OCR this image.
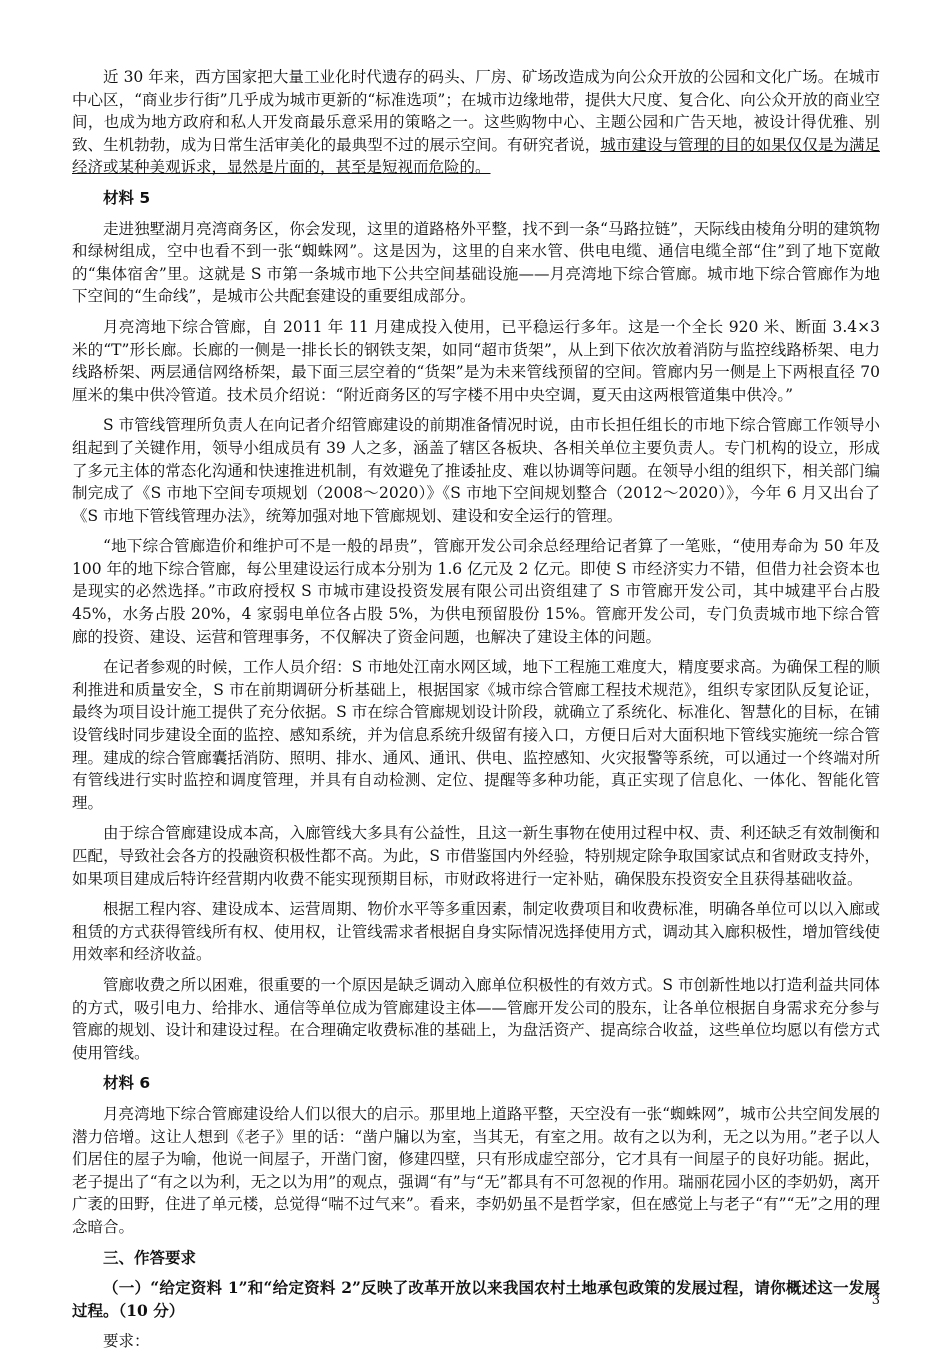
近 30 年来，西方国家把大量工业化时代遗存的码头、厂房、矿场改造成为向公众开放的公园和文化广场。在城市中心区，“商业步行街”几乎成为城市更新的“标准选项”；在城市边缘地带，提供大尺度、复合化、向公众开放的商业空间，也成为地方政府和私人开发商最乐意采用的策略之一。这些购物中心、主题公园和广告天地，被设计得优雅、别致、生机勃勃，成为日常生活审美化的最典型不过的展示空间。有研究者说，城市建设与管理的目的如果仅仅是为满足经济或某种美观诉求，显然是片面的，甚至是短视而危险的。

材料 5

走进独墅湖月亮湾商务区，你会发现，这里的道路格外平整，找不到一条“马路拉链”，天际线由棱角分明的建筑物和绿树组成，空中也看不到一张“蜘蛛网”。这是因为，这里的自来水管、供电电缆、通信电缆全部“住”到了地下宽敞的“集体宿舍”里。这就是 S 市第一条城市地下公共空间基础设施——月亮湾地下综合管廊。城市地下综合管廊作为地下空间的“生命线”，是城市公共配套建设的重要组成部分。

月亮湾地下综合管廊，自 2011 年 11 月建成投入使用，已平稳运行多年。这是一个全长 920 米、断面 3.4×3 米的“T”形长廊。长廊的一侧是一排长长的钢铁支架，如同“超市货架”，从上到下依次放着消防与监控线路桥架、电力线路桥架、两层通信网络桥架，最下面三层空着的“货架”是为未来管线预留的空间。管廊内另一侧是上下两根直径 70 厘米的集中供冷管道。技术员介绍说：“附近商务区的写字楼不用中央空调，夏天由这两根管道集中供冷。”

S 市管线管理所负责人在向记者介绍管廊建设的前期准备情况时说，由市长担任组长的市地下综合管廊工作领导小组起到了关键作用，领导小组成员有 39 人之多，涵盖了辖区各板块、各相关单位主要负责人。专门机构的设立，形成了多元主体的常态化沟通和快速推进机制，有效避免了推诿扯皮、难以协调等问题。在领导小组的组织下，相关部门编制完成了《S 市地下空间专项规划（2008～2020）》《S 市地下空间规划整合（2012～2020）》，今年 6 月又出台了《S 市地下管线管理办法》，统筹加强对地下管廊规划、建设和安全运行的管理。

“地下综合管廊造价和维护可不是一般的昂贵”，管廊开发公司余总经理给记者算了一笔账，“使用寿命为 50 年及 100 年的地下综合管廊，每公里建设运行成本分别为 1.6 亿元及 2 亿元。即使 S 市经济实力不错，但借力社会资本也是现实的必然选择。”市政府授权 S 市城市建设投资发展有限公司出资组建了 S 市管廊开发公司，其中城建平台占股 45%，水务占股 20%，4 家弱电单位各占股 5%，为供电预留股份 15%。管廊开发公司，专门负责城市地下综合管廊的投资、建设、运营和管理事务，不仅解决了资金问题，也解决了建设主体的问题。

在记者参观的时候，工作人员介绍：S 市地处江南水网区域，地下工程施工难度大，精度要求高。为确保工程的顺利推进和质量安全，S 市在前期调研分析基础上，根据国家《城市综合管廊工程技术规范》，组织专家团队反复论证，最终为项目设计施工提供了充分依据。S 市在综合管廊规划设计阶段，就确立了系统化、标准化、智慧化的目标，在铺设管线时同步建设全面的监控、感知系统，并为信息系统升级留有接入口，方便日后对大面积地下管线实施统一综合管理。建成的综合管廊囊括消防、照明、排水、通风、通讯、供电、监控感知、火灾报警等系统，可以通过一个终端对所有管线进行实时监控和调度管理，并具有自动检测、定位、提醒等多种功能，真正实现了信息化、一体化、智能化管理。

由于综合管廊建设成本高，入廊管线大多具有公益性，且这一新生事物在使用过程中权、责、利还缺乏有效制衡和匹配，导致社会各方的投融资积极性都不高。为此，S 市借鉴国内外经验，特别规定除争取国家试点和省财政支持外，如果项目建成后特许经营期内收费不能实现预期目标，市财政将进行一定补贴，确保股东投资安全且获得基础收益。

根据工程内容、建设成本、运营周期、物价水平等多重因素，制定收费项目和收费标准，明确各单位可以以入廊或租赁的方式获得管线所有权、使用权，让管线需求者根据自身实际情况选择使用方式，调动其入廊积极性，增加管线使用效率和经济收益。

管廊收费之所以困难，很重要的一个原因是缺乏调动入廊单位积极性的有效方式。S 市创新性地以打造利益共同体的方式，吸引电力、给排水、通信等单位成为管廊建设主体——管廊开发公司的股东，让各单位根据自身需求充分参与管廊的规划、设计和建设过程。在合理确定收费标准的基础上，为盘活资产、提高综合收益，这些单位均愿以有偿方式使用管线。

材料 6

月亮湾地下综合管廊建设给人们以很大的启示。那里地上道路平整，天空没有一张“蜘蛛网”，城市公共空间发展的潜力倍增。这让人想到《老子》里的话：“凿户牖以为室，当其无，有室之用。故有之以为利，无之以为用。”老子以人们居住的屋子为喻，他说一间屋子，开凿门窗，修建四壁，只有形成虚空部分，它才具有一间屋子的良好功能。据此，老子提出了“有之以为利，无之以为用”的观点，强调“有”与“无”都具有不可忽视的作用。瑞丽花园小区的李奶奶，离开广袤的田野，住进了单元楼，总觉得“喘不过气来”。看来，李奶奶虽不是哲学家，但在感觉上与老子“有”“无”之用的理念暗合。

三、作答要求

（一）“给定资料 1”和“给定资料 2”反映了改革开放以来我国农村土地承包政策的发展过程，请你概述这一发展过程。（10 分）

要求：

3
